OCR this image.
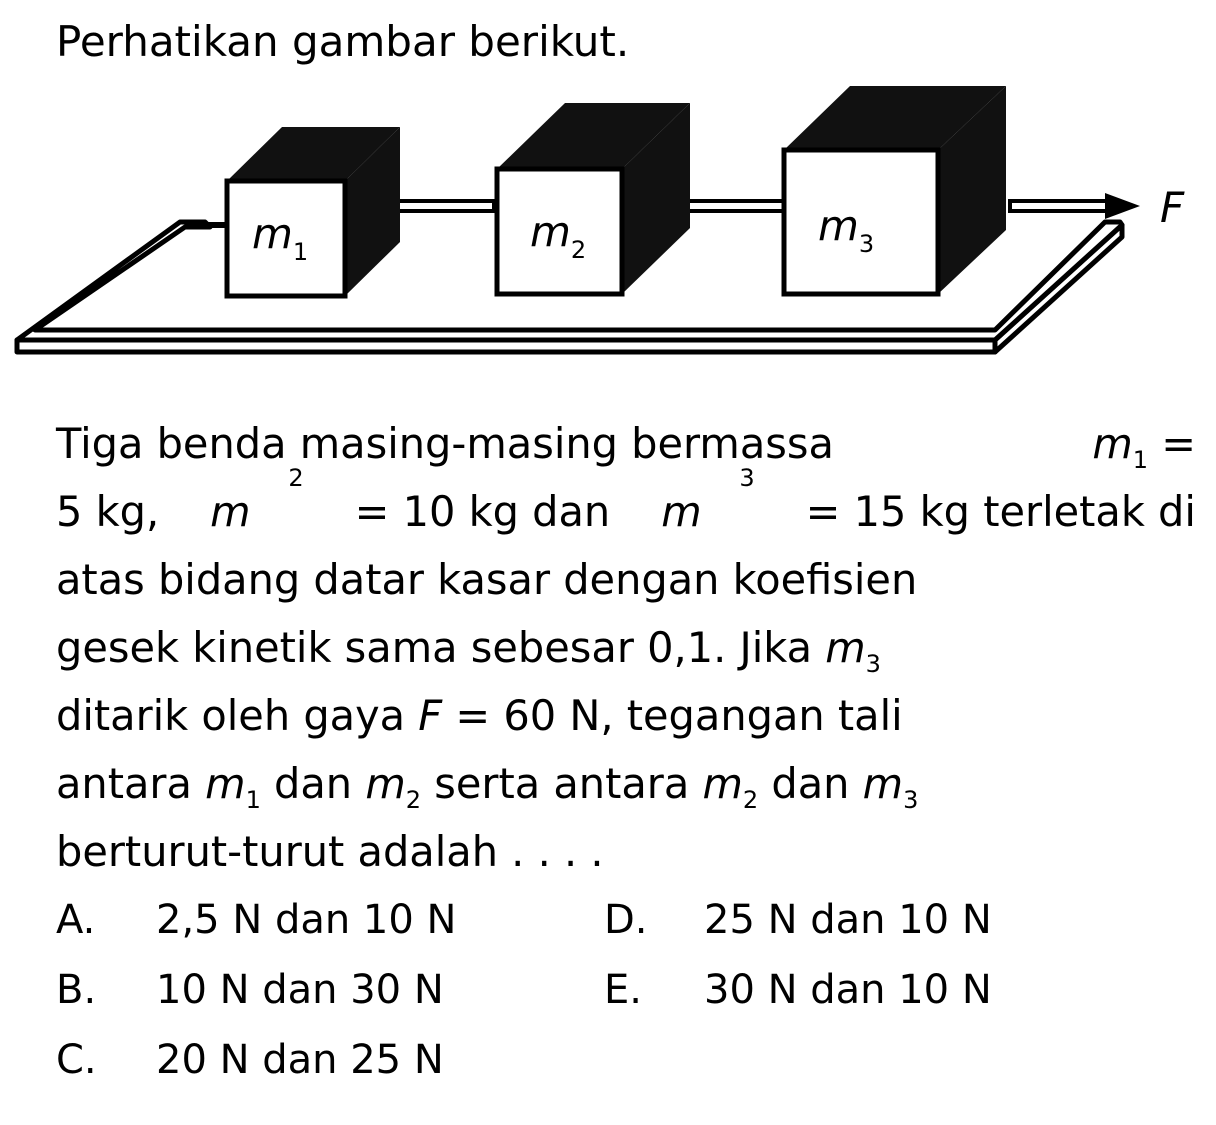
Perhatikan gambar berikut.
$m_1$	$m_2$	$m_3$
F
Tiga benda masing-masing bermassa	$m_1$ =
5 kg, m
2
= 10 kg dan m
3
= 15 kg terletak di
atas bidang datar kasar dengan koefisien
gesek kinetik sama sebesar 0,1. Jika $m_3$
ditarik oleh gaya F = 60 N, tegangan tali
antara $m_1$ dan $m_2$ serta antara $m_2$ dan $m_3$
berturut-turut adalah . . . .
A. 2,5 N dan 10 N
B. 10 N dan 30 N
C. 20 N dan 25 N
D. 25 N dan 10 N
E. 30 N dan 10 N
